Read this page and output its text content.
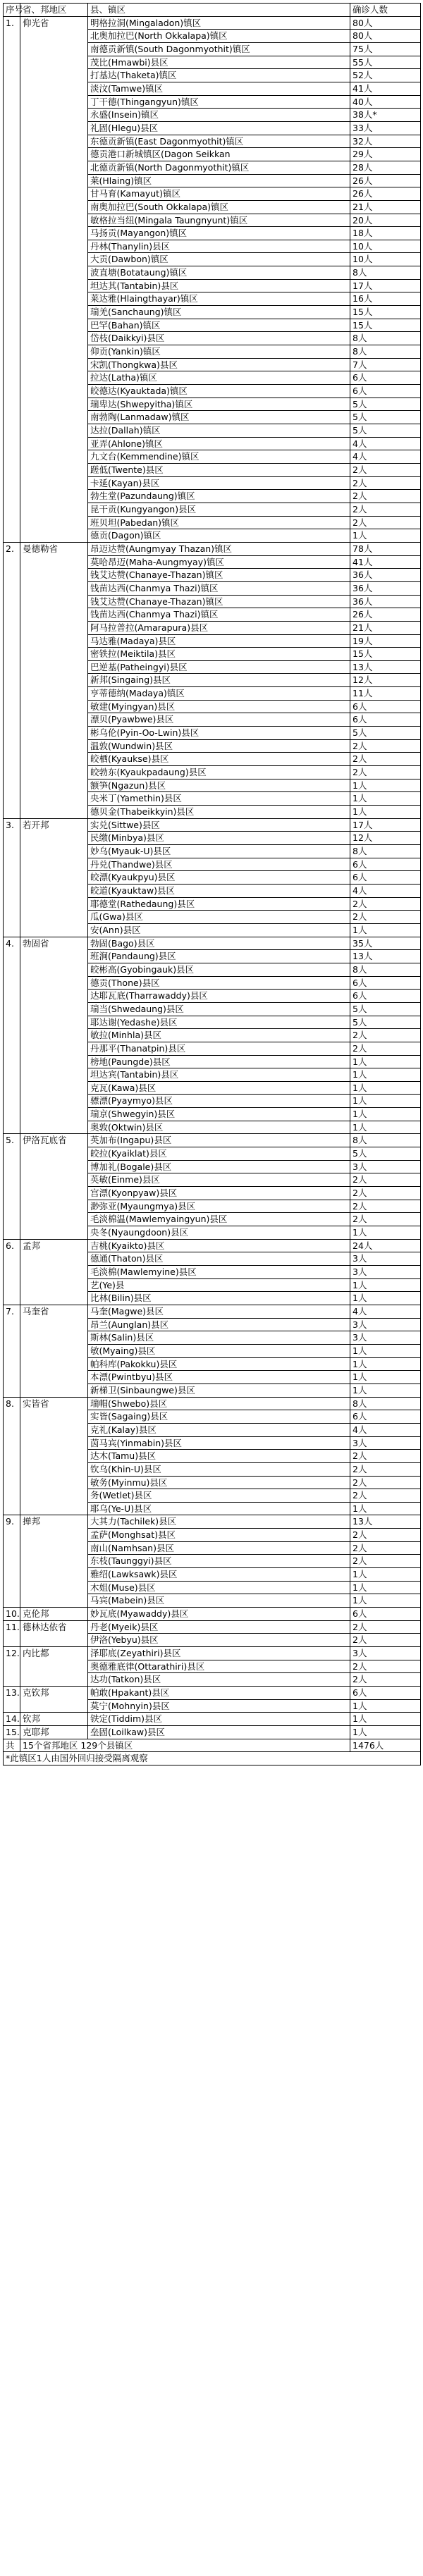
序号	省、邦地区	县、镇区	确诊人数
1.	仰光省	明格拉洞(Mingaladon)镇区	80人
		北奥加拉巴(North Okkalapa)镇区	80人
		南德贡新镇(South Dagonmyothit)镇区	75人
		茂比(Hmawbi)县区	55人
		打基达(Thaketa)镇区	52人
		淡汶(Tamwe)镇区	41人
		丁干德(Thingangyun)镇区	40人
		永盛(Insein)镇区	38人*
		礼固(Hlegu)县区	33人
		东德贡新镇(East Dagonmyothit)镇区	32人
		德贡港口新城镇区(Dagon Seikkan	29人
		北德贡新镇(North Dagonmyothit)镇区	28人
		莱(Hlaing)镇区	26人
		甘马育(Kamayut)镇区	26人
		南奥加拉巴(South Okkalapa)镇区	21人
		敏格拉当纽(Mingala Taungnyunt)镇区	20人
		马扬贡(Mayangon)镇区	18人
		丹林(Thanylin)县区	10人
		大贡(Dawbon)镇区	10人
		波直塘(Botataung)镇区	8人
		坦达其(Tantabin)县区	17人
		莱达雅(Hlaingthayar)镇区	16人
		瑞羌(Sanchaung)镇区	15人
		巴罕(Bahan)镇区	15人
		岱枝(Daikkyi)县区	8人
		仰贡(Yankin)镇区	8人
		宋凯(Thongkwa)县区	7人
		拉达(Latha)镇区	6人
		皎德达(Kyauktada)镇区	6人
		瑞卑达(Shwepyitha)镇区	5人
		南勃陶(Lanmadaw)镇区	5人
		达拉(Dallah)镇区	5人
		亚弄(Ahlone)镇区	4人
		九文台(Kemmendine)镇区	4人
		蹉低(Twente)县区	2人
		卡延(Kayan)县区	2人
		勃生堂(Pazundaung)镇区	2人
		昆干贡(Kungyangon)县区	2人
		班贝坦(Pabedan)镇区	2人
		德贡(Dagon)镇区	1人
2.	曼德勒省	昂迈达赞(Aungmyay Thazan)镇区	78人
		莫哈昂迈(Maha-Aungmyay)镇区	41人
		钱艾达赞(Chanaye-Thazan)镇区	36人
		钱苗达西(Chanmya Thazi)镇区	36人
		钱艾达赞(Chanaye-Thazan)镇区	36人
		钱苗达西(Chanmya Thazi)镇区	26人
		阿马拉普拉(Amarapura)县区	21人
		马达雅(Madaya)县区	19人
		密铁拉(Meiktila)县区	15人
		巴逆基(Patheingyi)县区	13人
		新邦(Singaing)县区	12人
		亨蒂德纳(Madaya)镇区	11人
		敏建(Myingyan)县区	6人
		漂贝(Pyawbwe)县区	6人
		彬乌伦(Pyin-Oo-Lwin)县区	5人
		温敦(Wundwin)县区	2人
		皎栖(Kyaukse)县区	2人
		皎勃东(Kyaukpadaung)县区	2人
		额笋(Ngazun)县区	1人
		央米丁(Yamethin)县区	1人
		德贝金(Thabeikkyin)县区	1人
3.	若开邦	实兑(Sittwe)县区	17人
		民缴(Minbya)县区	12人
		妙乌(Myauk-U)县区	8人
		丹兑(Thandwe)县区	6人
		皎漂(Kyaukpyu)县区	6人
		皎道(Kyauktaw)县区	4人
		耶德堂(Rathedaung)县区	2人
		瓜(Gwa)县区	2人
		安(Ann)县区	1人
4.	勃固省	勃固(Bago)县区	35人
		班涧(Pandaung)县区	13人
		皎彬高(Gyobingauk)县区	8人
		德贡(Thone)县区	6人
		达耶瓦底(Tharrawaddy)县区	6人
		瑞当(Shwedaung)县区	5人
		耶达谢(Yedashe)县区	5人
		敏拉(Minhla)县区	2人
		丹那平(Thanatpin)县区	2人
		榜地(Paungde)县区	1人
		坦达宾(Tantabin)县区	1人
		克瓦(Kawa)县区	1人
		骠漂(Pyaymyo)县区	1人
		瑞京(Shwegyin)县区	1人
		奥敦(Oktwin)县区	1人
5.	伊洛瓦底省	英加布(Ingapu)县区	8人
		皎拉(Kyaiklat)县区	5人
		博加礼(Bogale)县区	3人
		英敏(Einme)县区	2人
		宫漂(Kyonpyaw)县区	2人
		渺弥亚(Myaungmya)县区	2人
		毛淡棉温(Mawlemyaingyun)县区	2人
		央冬(Nyaungdoon)县区	1人
6.	孟邦	吉桃(Kyaikto)县区	24人
		德通(Thaton)县区	3人
		毛淡棉(Mawlemyine)县区	3人
		艺(Ye)县	1人
		比林(Bilin)县区	1人
7.	马奎省	马奎(Magwe)县区	4人
		昂兰(Aunglan)县区	3人
		斯林(Salin)县区	3人
		敏(Myaing)县区	1人
		帕科库(Pakokku)县区	1人
		本漂(Pwintbyu)县区	1人
		新梯卫(Sinbaungwe)县区	1人
8.	实皆省	瑞帽(Shwebo)县区	8人
		实皆(Sagaing)县区	6人
		克礼(Kalay)县区	4人
		茵马宾(Yinmabin)县区	3人
		达木(Tamu)县区	2人
		钦乌(Khin-U)县区	2人
		敏务(Myinmu)县区	2人
		务(Wetlet)县区	2人
		耶乌(Ye-U)县区	1人
9.	掸邦	大其力(Tachilek)县区	13人
		孟萨(Monghsat)县区	2人
		南山(Namhsan)县区	2人
		东枝(Taunggyi)县区	2人
		雅绍(Lawksawk)县区	1人
		木姐(Muse)县区	1人
		马宾(Mabein)县区	1人
10.	克伦邦	妙瓦底(Myawaddy)县区	6人
11.	德林达依省	丹老(Myeik)县区	2人
		伊洛(Yebyu)县区	2人
12.	内比都	泽耶底(Zeyathiri)县区	3人
		奥德雅底律(Ottarathiri)县区	2人
		达功(Tatkon)县区	2人
13.	克钦邦	帕敢(Hpakant)县区	6人
		莫宁(Mohnyin)县区	1人
14.	钦邦	铁定(Tiddim)县区	1人
15.	克耶邦	垒固(Loilkaw)县区	1人
共	15个省邦地区 129个县镇区		1476人
*此镇区1人由国外回归接受隔离观察			
